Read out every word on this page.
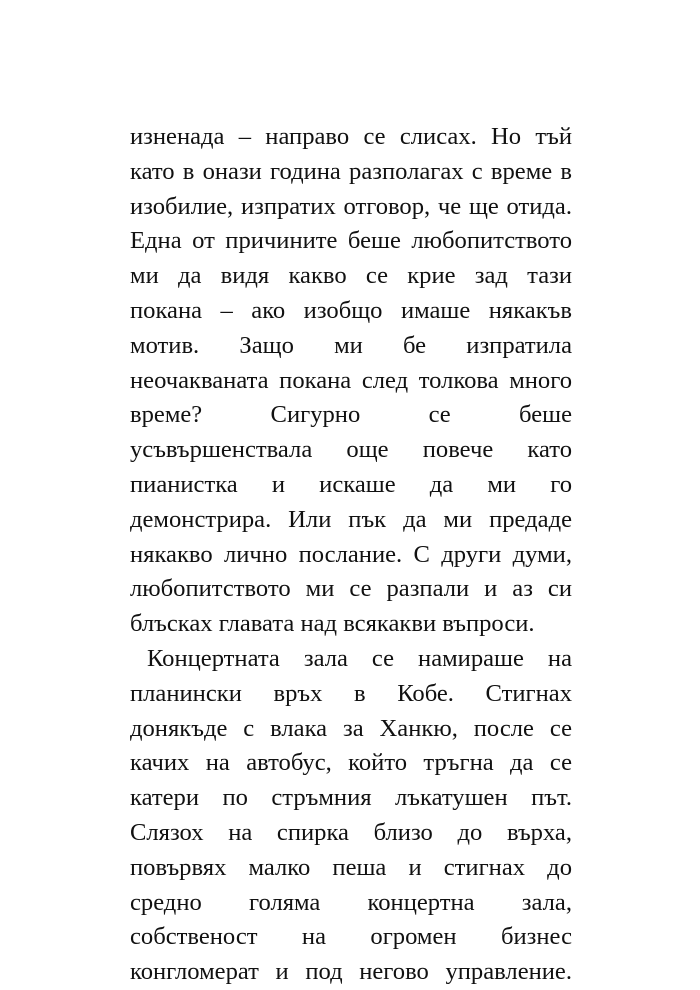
изненада – направо се слисах. Но тъй
като в онази година разполагах с време в
изобилие, изпратих отговор, че ще отида.
Една от причините беше любопитството
ми да видя какво се крие зад тази
покана – ако изобщо имаше някакъв
мотив. Защо ми бе изпратила
неочакваната покана след толкова много
време? Сигурно се беше
усъвършенствала още повече като
пианистка и искаше да ми го
демонстрира. Или пък да ми предаде
някакво лично послание. С други думи,
любопитството ми се разпали и аз си
блъсках главата над всякакви въпроси.
Концертната зала се намираше на
планински връх в Кобе. Стигнах
донякъде с влака за Ханкю, после се
качих на автобус, който тръгна да се
катери по стръмния лъкатушен път.
Слязох на спирка близо до върха,
повървях малко пеша и стигнах до
средно голяма концертна зала,
собственост на огромен бизнес
конгломерат и под негово управление.
